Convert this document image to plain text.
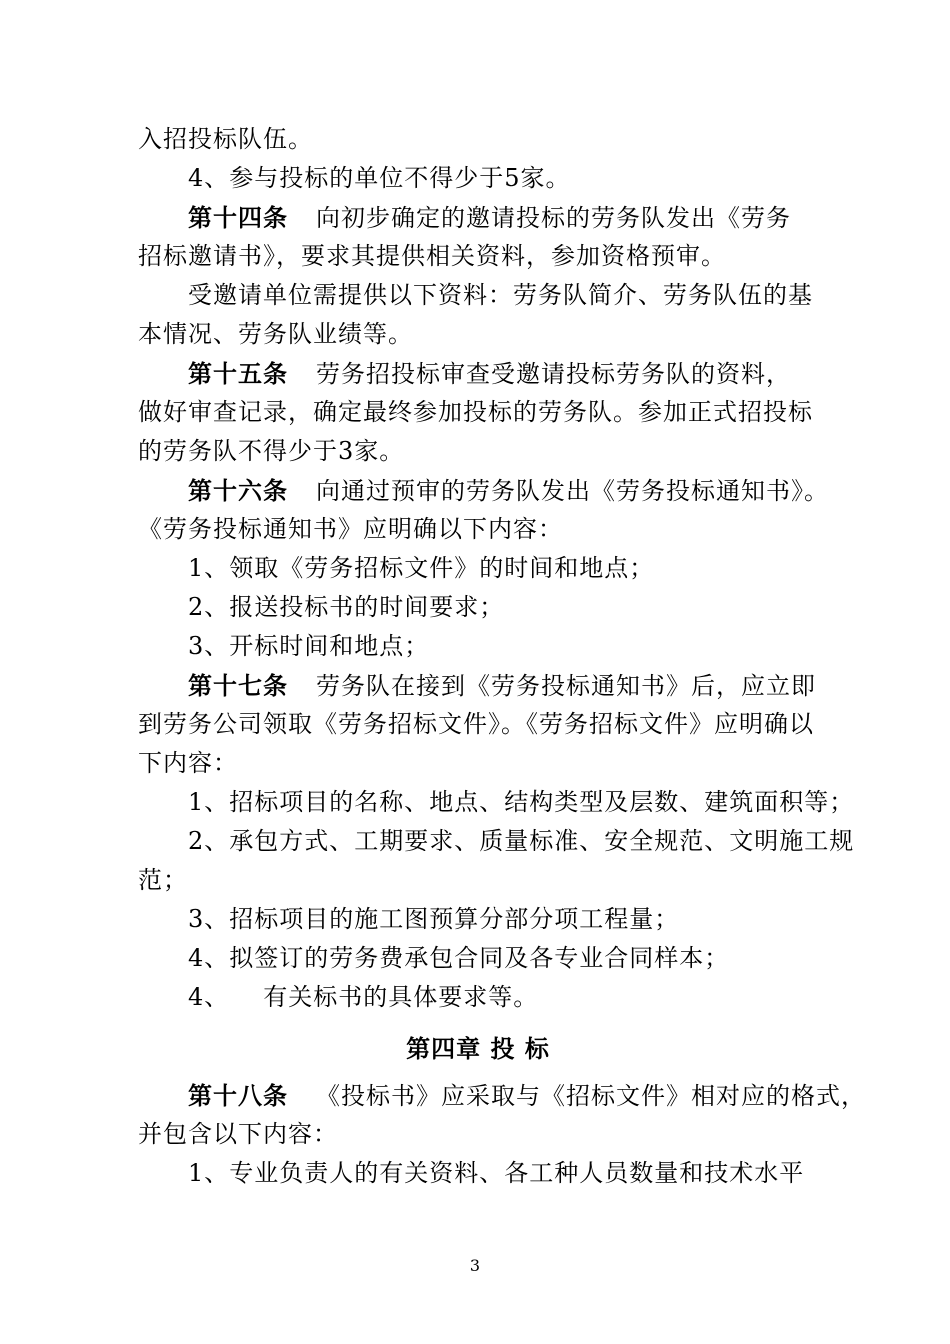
入招投标队伍。
4、参与投标的单位不得少于5家。
第十四条 向初步确定的邀请投标的劳务队发出《劳务
招标邀请书》，要求其提供相关资料，参加资格预审。
受邀请单位需提供以下资料：劳务队简介、劳务队伍的基
本情况、劳务队业绩等。
第十五条 劳务招投标审查受邀请投标劳务队的资料，
做好审查记录，确定最终参加投标的劳务队。参加正式招投标
的劳务队不得少于3家。
第十六条 向通过预审的劳务队发出《劳务投标通知书》。
《劳务投标通知书》应明确以下内容：
1、领取《劳务招标文件》的时间和地点；
2、报送投标书的时间要求；
3、开标时间和地点；
第十七条 劳务队在接到《劳务投标通知书》后，应立即
到劳务公司领取《劳务招标文件》。《劳务招标文件》应明确以
下内容：
1、招标项目的名称、地点、结构类型及层数、建筑面积等；
2、承包方式、工期要求、质量标准、安全规范、文明施工规
范；
3、招标项目的施工图预算分部分项工程量；
4、拟签订的劳务费承包合同及各专业合同样本；
4、 有关标书的具体要求等。
第四章 投 标
第十八条 《投标书》应采取与《招标文件》相对应的格式，
并包含以下内容：
1、专业负责人的有关资料、各工种人员数量和技术水平
3
